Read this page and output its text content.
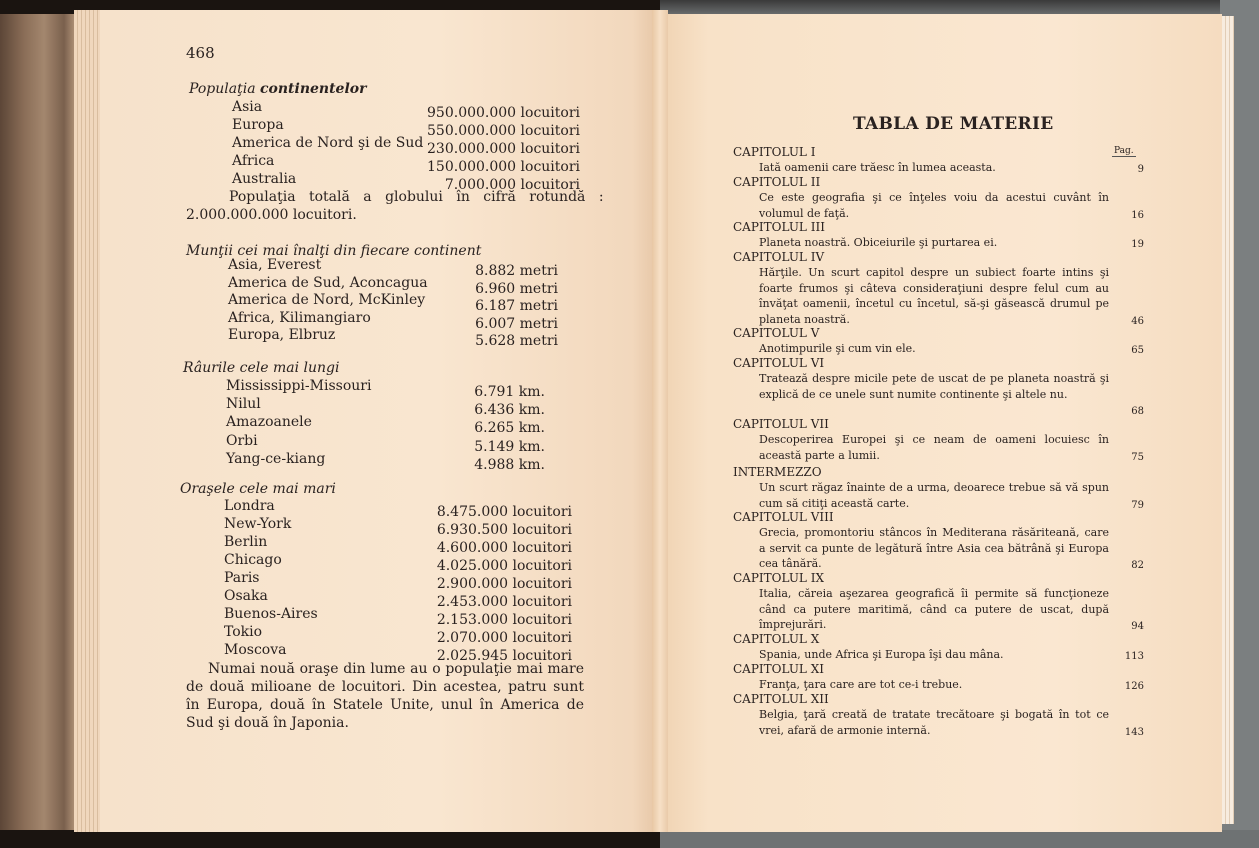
468
Populaţia continentelor
Asia	950.000.000 locuitori
Europa	550.000.000 locuitori
America de Nord şi de Sud 230.000.000 locuitori
Africa	150.000.000 locuitori
Australia	7.000.000 locuitori
Populaţia totală a globului în cifră rotundă :
2.000.000.000 locuitori.
Munţii cei mai înalţi din fiecare continent
Asia, Everest	8.882 metri
America de Sud, Aconcagua	6.960 metri
America de Nord, McKinley	6.187 metri
Africa, Kilimangiaro	6.007 metri
Europa, Elbruz	5.628 metri
Râurile cele mai lungi
Mississippi-Missouri	6.791 km.
Nilul	6.436 km.
Amazoanele	6.265 km.
Orbi	5.149 km.
Yang-ce-kiang	4.988 km.
Oraşele cele mai mari
Londra	8.475.000 locuitori
New-York	6.930.500 locuitori
Berlin	4.600.000 locuitori
Chicago	4.025.000 locuitori
Paris	2.900.000 locuitori
Osaka	2.453.000 locuitori
Buenos-Aires	2.153.000 locuitori
Tokio	2.070.000 locuitori
Moscova	2.025.945 locuitori
Numai nouă oraşe din lume au o populaţie mai mare de două milioane de locuitori. Din acestea, patru sunt în Europa, două în Statele Unite, unul în America de Sud şi două în Japonia.
TABLA DE MATERIE
Pag.
CAPITOLUL I
Iată oamenii care trăesc în lumea aceasta.	9
CAPITOLUL II
Ce este geografia şi ce înţeles voiu da acestui cuvânt în volumul de faţă.	16
CAPITOLUL III
Planeta noastră. Obiceiurile şi purtarea ei.	19
CAPITOLUL IV
Hărţile. Un scurt capitol despre un subiect foarte intins şi foarte frumos şi câteva consideraţiuni despre felul cum au învăţat oamenii, încetul cu încetul, să-şi găsească drumul pe planeta noastră.	46
CAPITOLUL V
Anotimpurile şi cum vin ele.	65
CAPITOLUL VI
Tratează despre micile pete de uscat de pe planeta noastră şi explică de ce unele sunt numite continente şi altele nu.
68
CAPITOLUL VII
Descoperirea Europei şi ce neam de oameni locuiesc în această parte a lumii.	75
INTERMEZZO
Un scurt răgaz înainte de a urma, deoarece trebue să vă spun cum să citiţi această carte.	79
CAPITOLUL VIII
Grecia, promontoriu stâncos în Mediterana răsăriteană, care a servit ca punte de legătură între Asia cea bătrână şi Europa cea tânără.	82
CAPITOLUL IX
Italia, căreia aşezarea geografică îi permite să funcţioneze când ca putere maritimă, când ca putere de uscat, după împrejurări.	94
CAPITOLUL X
Spania, unde Africa şi Europa îşi dau mâna.	113
CAPITOLUL XI
Franţa, ţara care are tot ce-i trebue.	126
CAPITOLUL XII
Belgia, ţară creată de tratate trecătoare şi bogată în tot ce vrei, afară de armonie internă.	143
